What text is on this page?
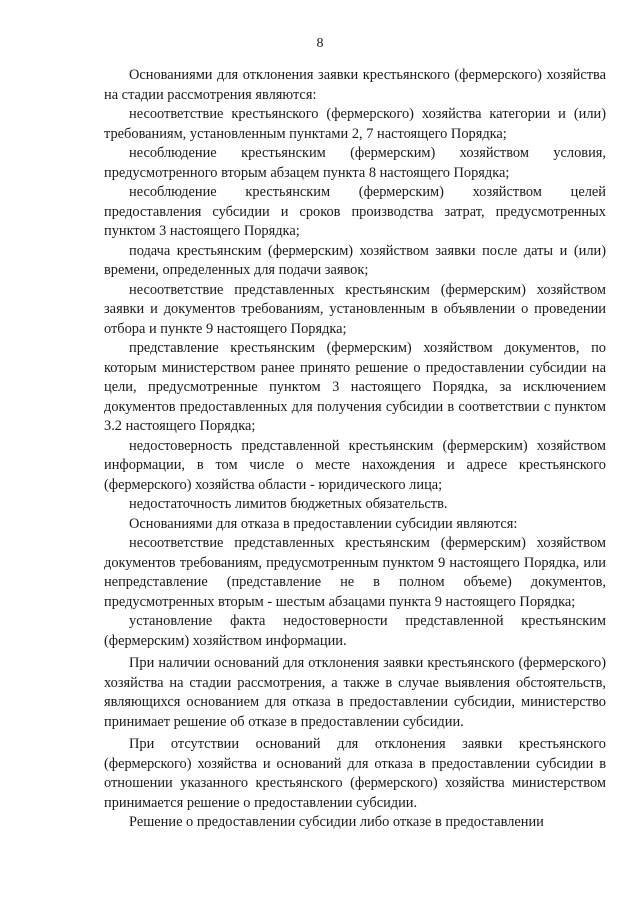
8

Основаниями для отклонения заявки крестьянского (фермерского) хозяйства на стадии рассмотрения являются:

несоответствие крестьянского (фермерского) хозяйства категории и (или) требованиям, установленным пунктами 2, 7 настоящего Порядка;

несоблюдение крестьянским (фермерским) хозяйством условия, предусмотренного вторым абзацем пункта 8 настоящего Порядка;

несоблюдение крестьянским (фермерским) хозяйством целей предоставления субсидии и сроков производства затрат, предусмотренных пунктом 3 настоящего Порядка;

подача крестьянским (фермерским) хозяйством заявки после даты и (или) времени, определенных для подачи заявок;

несоответствие представленных крестьянским (фермерским) хозяйством заявки и документов требованиям, установленным в объявлении о проведении отбора и пункте 9 настоящего Порядка;

представление крестьянским (фермерским) хозяйством документов, по которым министерством ранее принято решение о предоставлении субсидии на цели, предусмотренные пунктом 3 настоящего Порядка, за исключением документов предоставленных для получения субсидии в соответствии с пунктом 3.2 настоящего Порядка;

недостоверность представленной крестьянским (фермерским) хозяйством информации, в том числе о месте нахождения и адресе крестьянского (фермерского) хозяйства области - юридического лица;

недостаточность лимитов бюджетных обязательств.

Основаниями для отказа в предоставлении субсидии являются:

несоответствие представленных крестьянским (фермерским) хозяйством документов требованиям, предусмотренным пунктом 9 настоящего Порядка, или непредставление (представление не в полном объеме) документов, предусмотренных вторым - шестым абзацами пункта 9 настоящего Порядка;

установление факта недостоверности представленной крестьянским (фермерским) хозяйством информации.

При наличии оснований для отклонения заявки крестьянского (фермерского) хозяйства на стадии рассмотрения, а также в случае выявления обстоятельств, являющихся основанием для отказа в предоставлении субсидии, министерство принимает решение об отказе в предоставлении субсидии.

При отсутствии оснований для отклонения заявки крестьянского (фермерского) хозяйства и оснований для отказа в предоставлении субсидии в отношении указанного крестьянского (фермерского) хозяйства министерством принимается решение о предоставлении субсидии.

Решение о предоставлении субсидии либо отказе в предоставлении
